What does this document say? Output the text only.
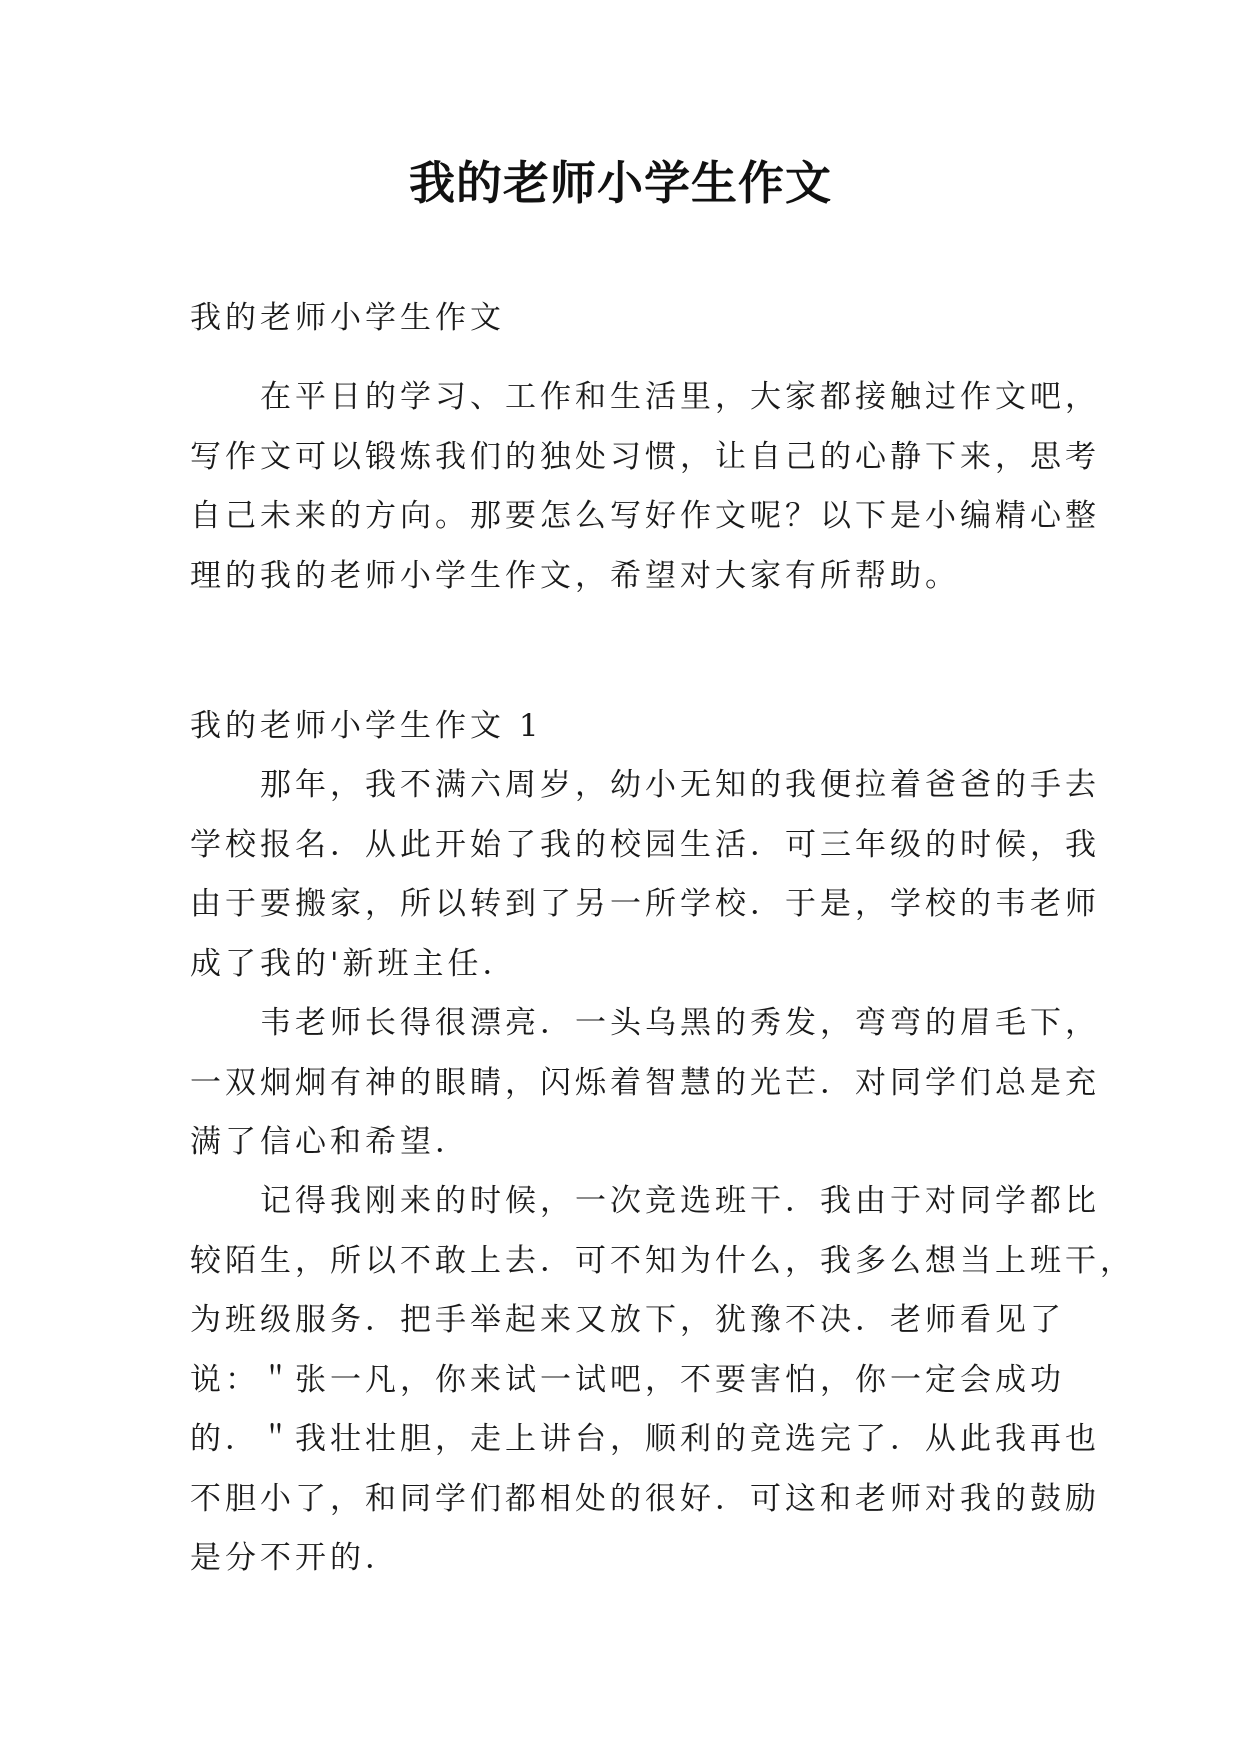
我的老师小学生作文

我的老师小学生作文

在平日的学习、工作和生活里，大家都接触过作文吧，
写作文可以锻炼我们的独处习惯，让自己的心静下来，思考
自己未来的方向。那要怎么写好作文呢？以下是小编精心整
理的我的老师小学生作文，希望对大家有所帮助。

我的老师小学生作文 1

那年，我不满六周岁，幼小无知的我便拉着爸爸的手去
学校报名．从此开始了我的校园生活．可三年级的时候，我
由于要搬家，所以转到了另一所学校．于是，学校的韦老师
成了我的'新班主任．

韦老师长得很漂亮．一头乌黑的秀发，弯弯的眉毛下，
一双炯炯有神的眼睛，闪烁着智慧的光芒．对同学们总是充
满了信心和希望．

记得我刚来的时候，一次竞选班干．我由于对同学都比
较陌生，所以不敢上去．可不知为什么，我多么想当上班干，
为班级服务．把手举起来又放下，犹豫不决．老师看见了
说：＂张一凡，你来试一试吧，不要害怕，你一定会成功
的．＂我壮壮胆，走上讲台，顺利的竞选完了．从此我再也
不胆小了，和同学们都相处的很好．可这和老师对我的鼓励
是分不开的．
